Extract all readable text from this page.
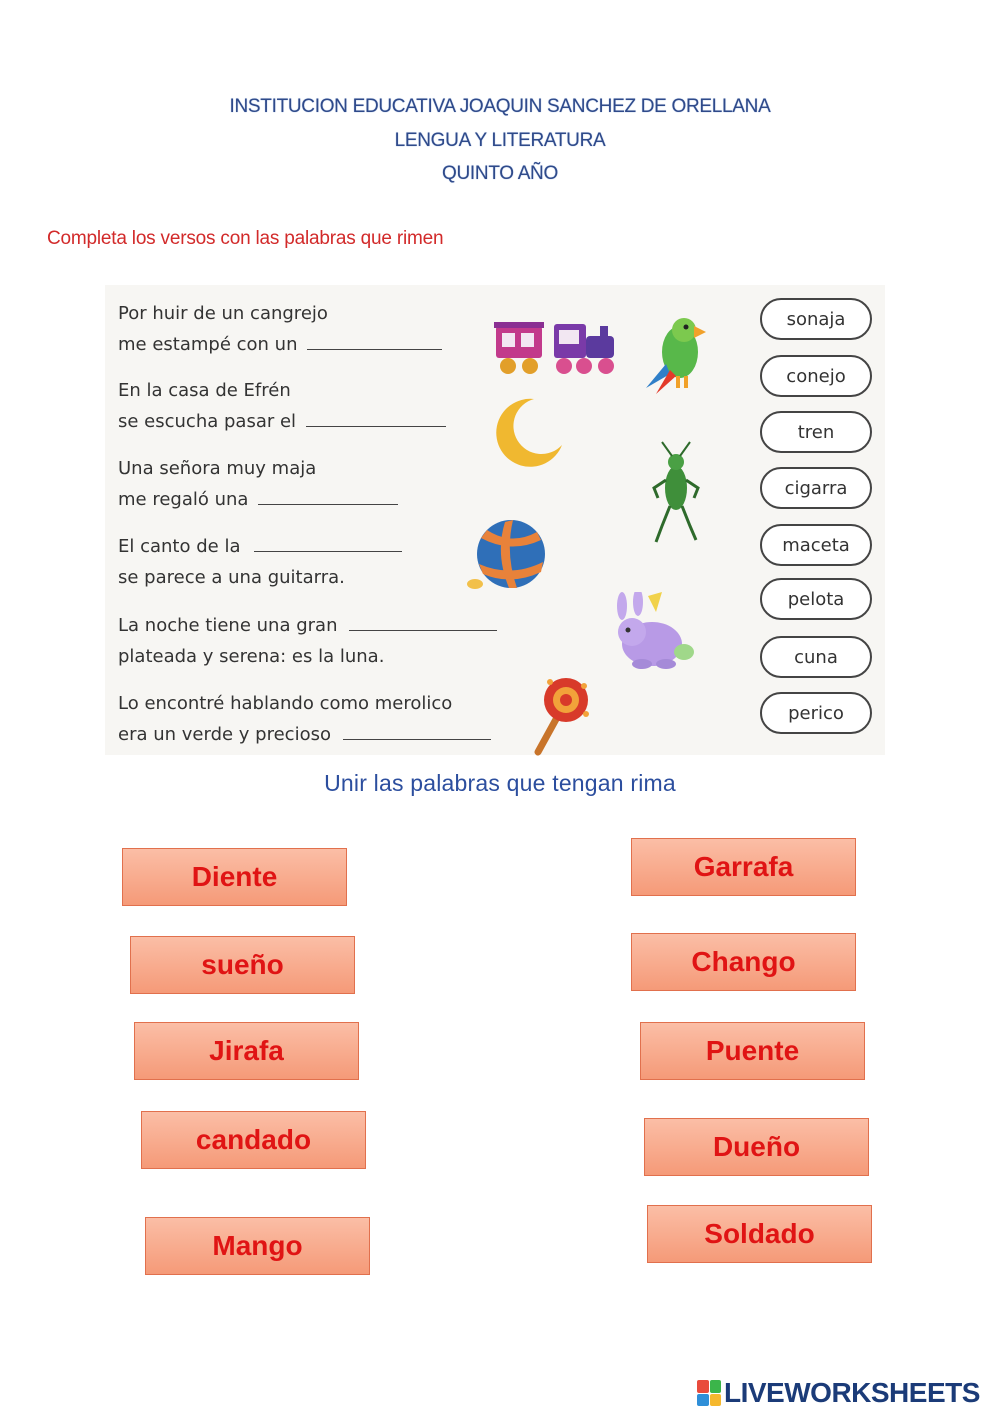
INSTITUCION EDUCATIVA JOAQUIN SANCHEZ DE ORELLANA
LENGUA Y LITERATURA
QUINTO AÑO
Completa los versos con las palabras que rimen
Por huir de un cangrejo
me estampé con un
En la casa de Efrén
se escucha pasar el
Una señora muy maja
me regaló una
El canto de la
se parece a una guitarra.
La noche tiene una gran
plateada y serena: es la luna.
Lo encontré hablando como merolico
era un verde y precioso
sonaja
conejo
tren
cigarra
maceta
pelota
cuna
perico
Unir las palabras que tengan rima
Diente
sueño
Jirafa
candado
Mango
Garrafa
Chango
Puente
Dueño
Soldado
LIVEWORKSHEETS
